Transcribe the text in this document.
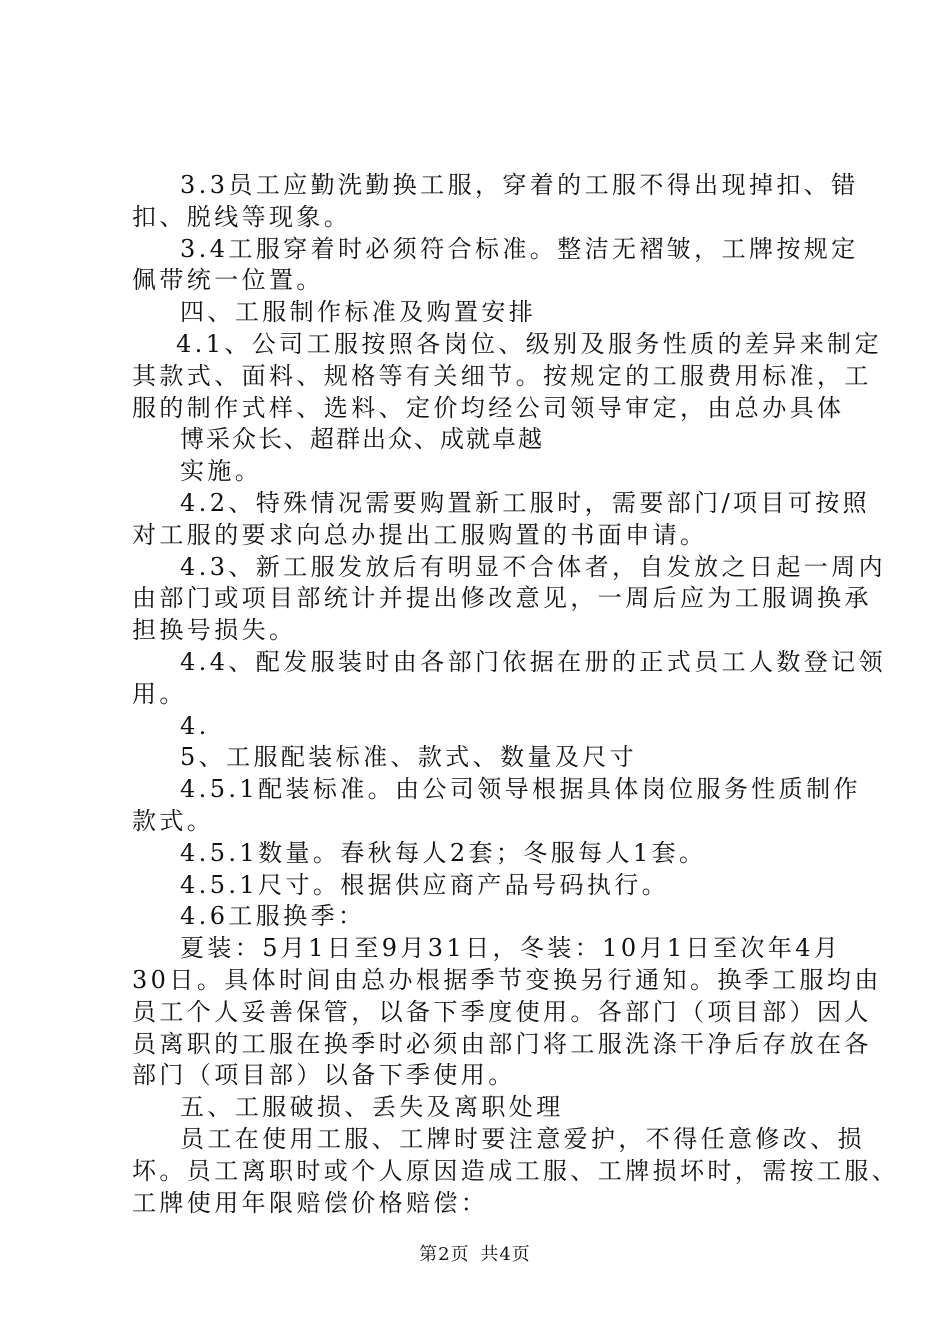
3.3员工应勤洗勤换工服，穿着的工服不得出现掉扣、错
扣、脱线等现象。
3.4工服穿着时必须符合标准。整洁无褶皱，工牌按规定
佩带统一位置。
四、工服制作标准及购置安排
4.1、公司工服按照各岗位、级别及服务性质的差异来制定
其款式、面料、规格等有关细节。按规定的工服费用标准，工
服的制作式样、选料、定价均经公司领导审定，由总办具体
博采众长、超群出众、成就卓越
实施。
4.2、特殊情况需要购置新工服时，需要部门/项目可按照
对工服的要求向总办提出工服购置的书面申请。
4.3、新工服发放后有明显不合体者，自发放之日起一周内
由部门或项目部统计并提出修改意见，一周后应为工服调换承
担换号损失。
4.4、配发服装时由各部门依据在册的正式员工人数登记领
用。
4.
5、工服配装标准、款式、数量及尺寸
4.5.1配装标准。由公司领导根据具体岗位服务性质制作
款式。
4.5.1数量。春秋每人2套；冬服每人1套。
4.5.1尺寸。根据供应商产品号码执行。
4.6工服换季：
夏装：5月1日至9月31日，冬装：10月1日至次年4月
30日。具体时间由总办根据季节变换另行通知。换季工服均由
员工个人妥善保管，以备下季度使用。各部门（项目部）因人
员离职的工服在换季时必须由部门将工服洗涤干净后存放在各
部门（项目部）以备下季使用。
五、工服破损、丢失及离职处理
员工在使用工服、工牌时要注意爱护，不得任意修改、损
坏。员工离职时或个人原因造成工服、工牌损坏时，需按工服、
工牌使用年限赔偿价格赔偿：
第2页 共4页
